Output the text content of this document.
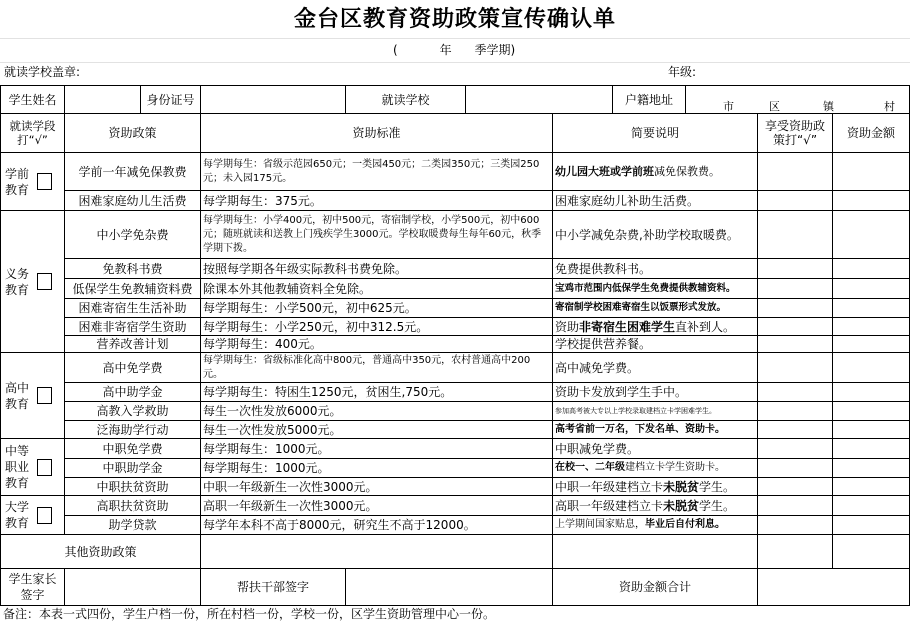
金台区教育资助政策宣传确认单
(           年      季学期)
就读学校盖章:	年级:
学生姓名		身份证号		就读学校			户籍地址	市 区 镇 村		

就读学段打“√”	资助政策		资助标准			简要说明			享受资助政策打“√”	资助金额

学前教育	学前一年减免保教费		每学期每生：省级示范园650元；一类园450元；二类园350元；三类园250元；未入园175元。			幼儿园大班或学前班减免保教费。				
	困难家庭幼儿生活费		每学期每生：375元。			困难家庭幼儿补助生活费。				

义务教育	中小学免杂费		每学期每生：小学400元，初中500元，寄宿制学校，小学500元，初中600元；随班就读和送教上门残疾学生3000元。学校取暖费每生每年60元，秋季学期下拨。			中小学减免杂费,补助学校取暖费。				
	免教科书费		按照每学期各年级实际教科书费免除。			免费提供教科书。				
	低保学生免教辅资料费		除课本外其他教辅资料全免除。			宝鸡市范围内低保学生免费提供教辅资料。				
	困难寄宿生生活补助		每学期每生：小学500元，初中625元。			寄宿制学校困难寄宿生以饭票形式发放。				
	困难非寄宿学生资助		每学期每生：小学250元，初中312.5元。			资助非寄宿生困难学生直补到人。				
	营养改善计划		每学期每生：400元。			学校提供营养餐。				

高中教育	高中免学费		每学期每生：省级标准化高中800元，普通高中350元，农村普通高中200元。			高中减免学费。				
	高中助学金		每学期每生：特困生1250元，贫困生,750元。			资助卡发放到学生手中。				
	高教入学救助		每生一次性发放6000元。			参加高考被大专以上学校录取建档立卡学困难学生。				
	泛海助学行动		每生一次性发放5000元。			高考省前一万名，下发名单、资助卡。				

中等职业教育	中职免学费		每学期每生：1000元。			中职减免学费。				
	中职助学金		每学期每生：1000元。			在校一、二年级建档立卡学生资助卡。				
	中职扶贫资助		中职一年级新生一次性3000元。			中职一年级建档立卡未脱贫学生。				

大学教育	高职扶贫资助		高职一年级新生一次性3000元。			高职一年级建档立卡未脱贫学生。				
	助学贷款		每学年本科不高于8000元，研究生不高于12000。			上学期间国家贴息，毕业后自付利息。				
其他资助政策										

学生家长签字			帮扶干部签字			资助金额合计				
备注：本表一式四份，学生户档一份，所在村档一份，学校一份，区学生资助管理中心一份。
